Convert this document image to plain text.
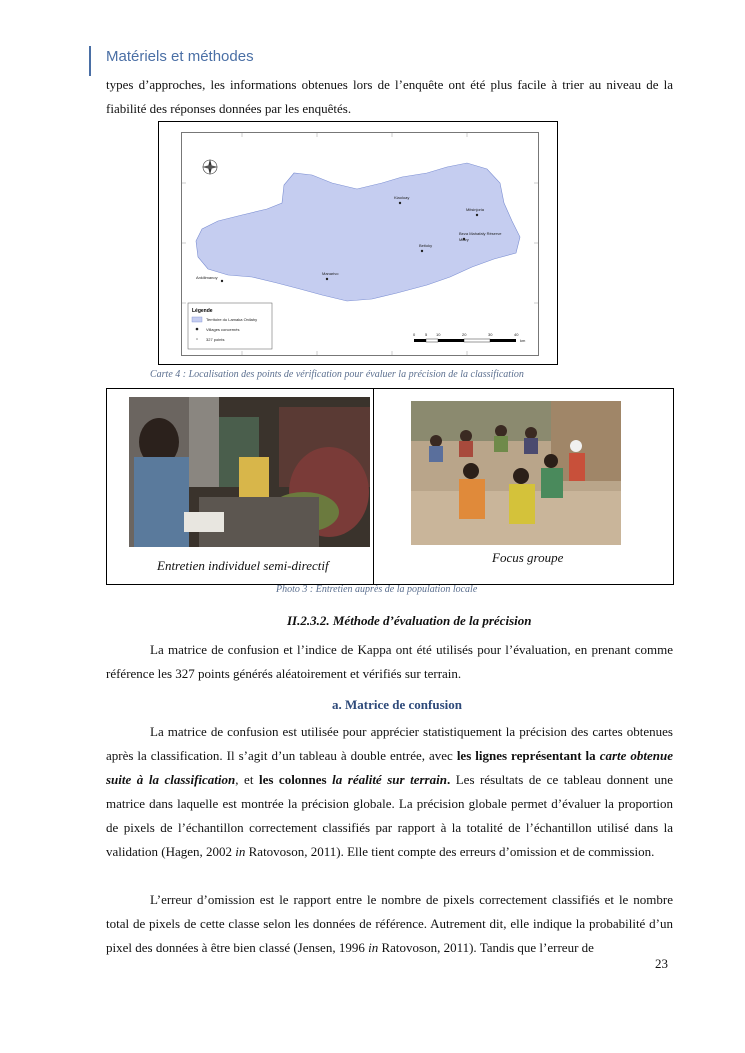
Matériels et méthodes

types d’approches, les informations obtenues lors de l’enquête ont été plus facile à trier au niveau de la fiabilité des réponses données par les enquêtés.

Kiaoloay
Mitsinjoria
Beza Mahafaly Réserve
Miary
Betioky
Ankilimanoy
Manarivo
Légende
Territoire du Lamaka Onilahy
Villages concernés
327 points
0 5 10	20	30	40
km
Carte 4 : Localisation des points de vérification pour évaluer la précision de la classification
Entretien individuel semi-directif
Focus groupe
Photo 3 : Entretien auprès de la population locale
II.2.3.2. Méthode d’évaluation de la précision

La matrice de confusion et l’indice de Kappa ont été utilisés pour l’évaluation, en prenant comme référence les 327 points générés aléatoirement et vérifiés sur terrain.

a. Matrice de confusion

La matrice de confusion est utilisée pour apprécier statistiquement la précision des cartes obtenues après la classification. Il s’agit d’un tableau à double entrée, avec les lignes représentant la carte obtenue suite à la classification, et les colonnes la réalité sur terrain. Les résultats de ce tableau donnent une matrice dans laquelle est montrée la précision globale. La précision globale permet d’évaluer la proportion de pixels de l’échantillon correctement classifiés par rapport à la totalité de l’échantillon utilisé dans la validation (Hagen, 2002 in Ratovoson, 2011). Elle tient compte des erreurs d’omission et de commission.

L’erreur d’omission est le rapport entre le nombre de pixels correctement classifiés et le nombre total de pixels de cette classe selon les données de référence. Autrement dit, elle indique la probabilité d’un pixel des données à être bien classé (Jensen, 1996 in Ratovoson, 2011). Tandis que l’erreur de

23
